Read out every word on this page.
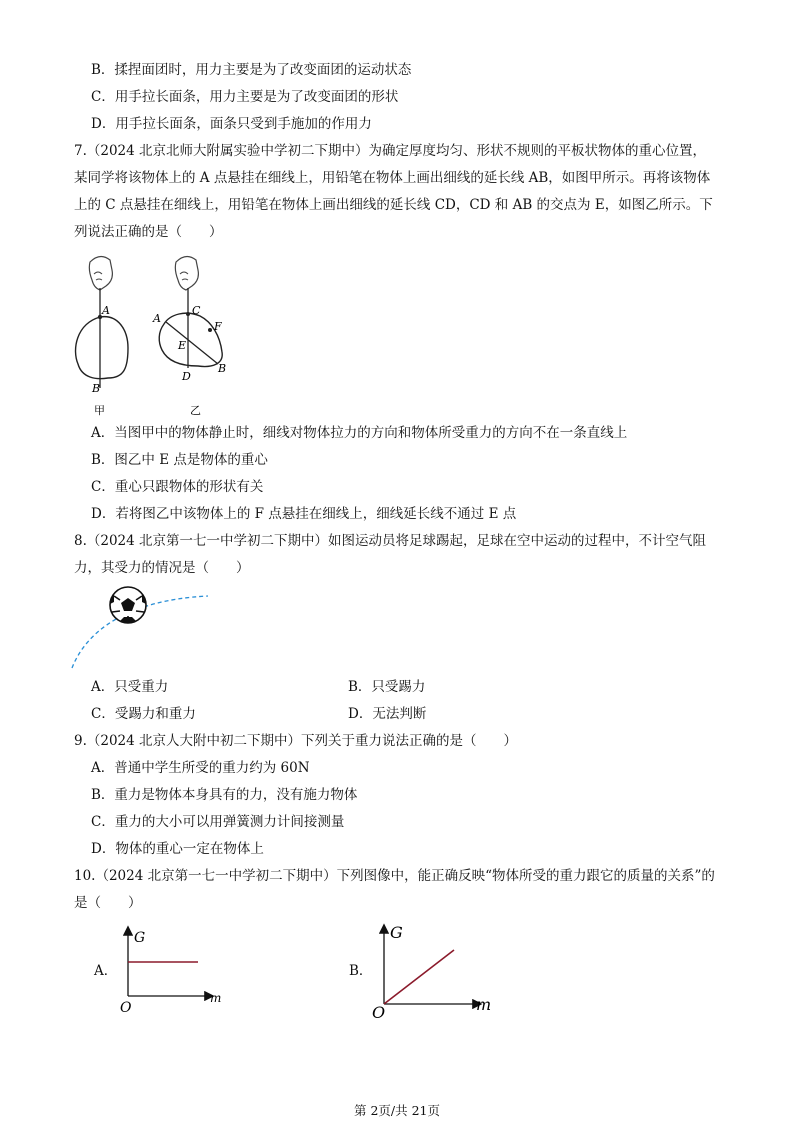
B．揉捏面团时，用力主要是为了改变面团的运动状态
C．用手拉长面条，用力主要是为了改变面团的形状
D．用手拉长面条，面条只受到手施加的作用力
7.（2024 北京北师大附属实验中学初二下期中）为确定厚度均匀、形状不规则的平板状物体的重心位置，
某同学将该物体上的 A 点悬挂在细线上，用铅笔在物体上画出细线的延长线 AB，如图甲所示。再将该物体
上的 C 点悬挂在细线上，用铅笔在物体上画出细线的延长线 CD，CD 和 AB 的交点为 E，如图乙所示。下
列说法正确的是（　　）
A
B
甲
C
A
F
E
B
D
乙
A．当图甲中的物体静止时，细线对物体拉力的方向和物体所受重力的方向不在一条直线上
B．图乙中 E 点是物体的重心
C．重心只跟物体的形状有关
D．若将图乙中该物体上的 F 点悬挂在细线上，细线延长线不通过 E 点
8.（2024 北京第一七一中学初二下期中）如图运动员将足球踢起，足球在空中运动的过程中，不计空气阻
力，其受力的情况是（　　）
A．只受重力	B．只受踢力
C．受踢力和重力	D．无法判断
9.（2024 北京人大附中初二下期中）下列关于重力说法正确的是（　　）
A．普通中学生所受的重力约为 60N
B．重力是物体本身具有的力，没有施力物体
C．重力的大小可以用弹簧测力计间接测量
D．物体的重心一定在物体上
10.（2024 北京第一七一中学初二下期中）下列图像中，能正确反映“物体所受的重力跟它的质量的关系”的
是（　　）
A．
G
m
O
B．
G
m
O
第 2页/共 21页
